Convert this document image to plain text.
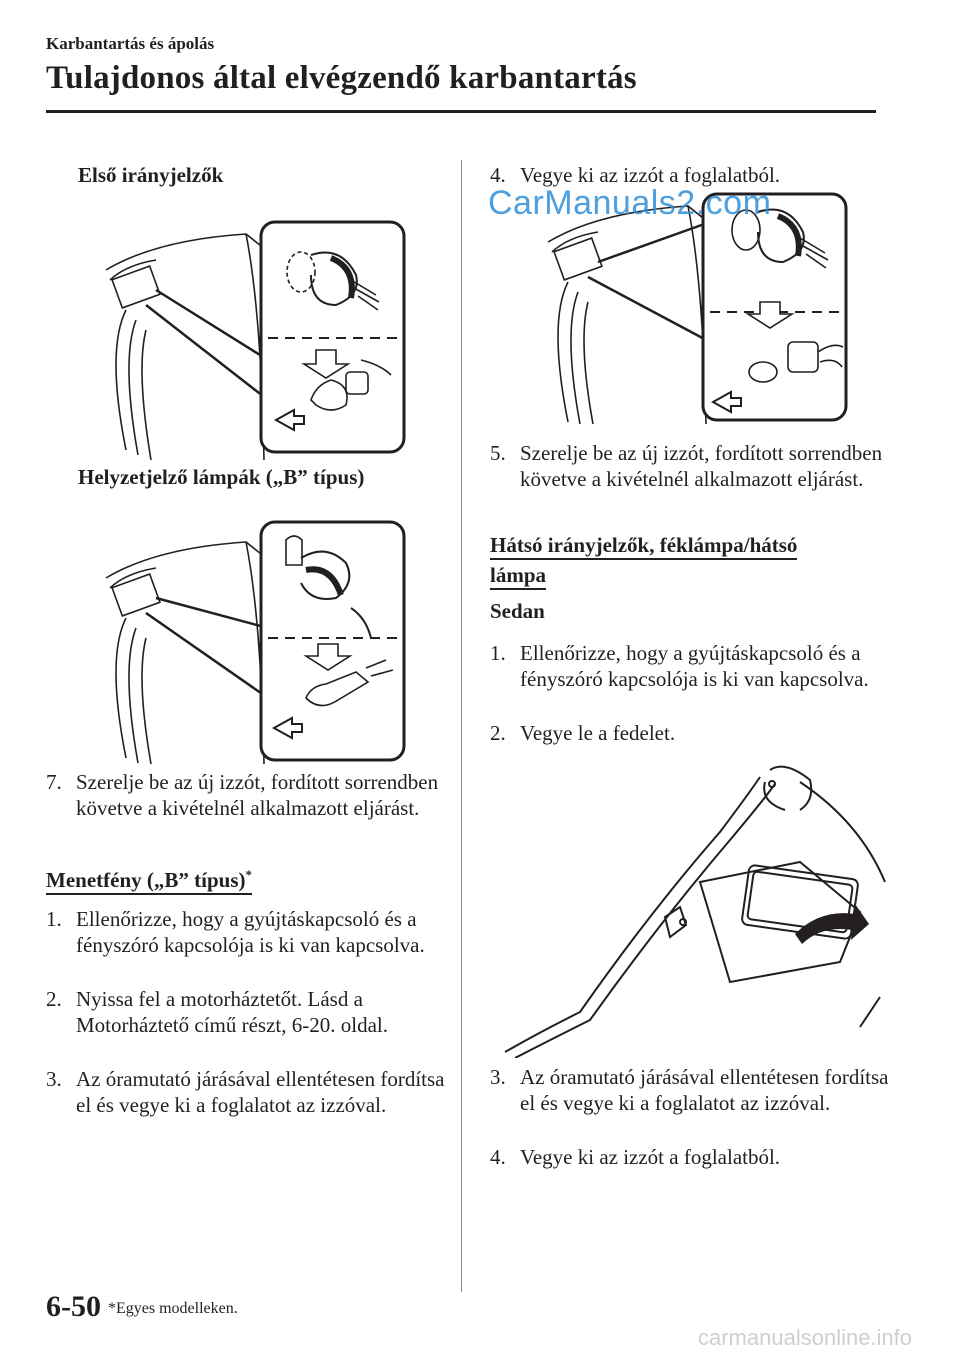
Karbantartás és ápolás
Tulajdonos által elvégzendő karbantartás
Első irányjelzők
Helyzetjelző lámpák („B” típus)
7. Szerelje be az új izzót, fordított sorrendben követve a kivételnél alkalmazott eljárást.
Menetfény („B” típus)*
1. Ellenőrizze, hogy a gyújtáskapcsoló és a fényszóró kapcsolója is ki van kapcsolva.
2. Nyissa fel a motorháztetőt. Lásd a Motorháztető című részt, 6-20. oldal.
3. Az óramutató járásával ellentétesen fordítsa el és vegye ki a foglalatot az izzóval.
4. Vegye ki az izzót a foglalatból.
5. Szerelje be az új izzót, fordított sorrendben követve a kivételnél alkalmazott eljárást.
Hátsó irányjelzők, féklámpa/hátsó lámpa
Sedan
1. Ellenőrizze, hogy a gyújtáskapcsoló és a fényszóró kapcsolója is ki van kapcsolva.
2. Vegye le a fedelet.
3. Az óramutató járásával ellentétesen fordítsa el és vegye ki a foglalatot az izzóval.
4. Vegye ki az izzót a foglalatból.
6-50 *Egyes modelleken.
CarManuals2.com
carmanualsonline.info
